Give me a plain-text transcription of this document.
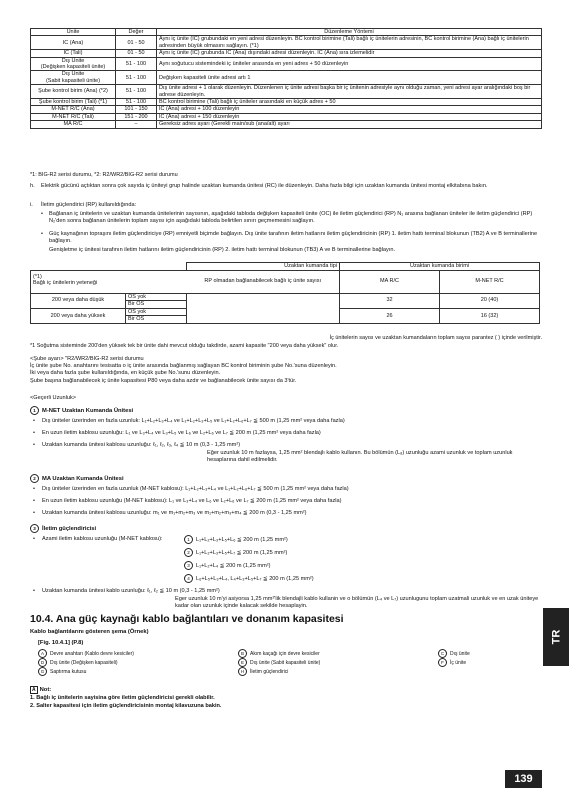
Ünite	Değer	Düzenleme Yöntemi
IC (Ana)	01 - 50	Aynı iç ünite (IC) grubundaki en yeni adresi düzenleyin. BC kontrol birimine (Tali) bağlı iç ünitelerin adresinin, BC kontrol birimine (Ana) bağlı iç ünitelerin adresinden büyük olmasını sağlayın. (*1)
IC (Tali)	01 - 50	Aynı iç ünite (IC) grubunda IC (Ana) dışındaki adresi düzenleyin. IC (Ana) sıra izlemelidir
Dış Ünite
(Değişken kapasiteli ünite)	51 - 100	Aynı soğutucu sistemindeki iç üniteler arasında en yeni adres + 50 düzenleyin
Dış Ünite
(Sabit kapasiteli ünite)	51 - 100	Değişken kapasiteli ünite adresi artı 1
Şube kontrol birim (Ana) (*2)	51 - 100	Dış ünite adresi + 1 olarak düzenleyin. Düzenlenen iç ünite adresi başka bir iç ünitenin adresiyle aynı olduğu zaman, yeni adresi ayar aralığındaki boş bir adrese düzenleyin.
Şube kontrol birim (Tali) (*1)	51 - 100	BC kontrol birimine (Tali) bağlı iç üniteler arasındaki en küçük adres + 50
M-NET R/C (Ana)	101 - 150	IC (Ana) adresi + 100 düzenleyin
M-NET R/C (Tali)	151 - 200	IC (Ana) adresi + 150 düzenleyin
MA R/C	–	Gereksiz adres ayarı (Gerekli main/sub (ana/alt) ayarı
*1: BIG-R2 serisi durumu, *2: R2/WR2/BIG-R2 serisi durumu
h.	Elektrik gücünü açtıktan sonra çok sayıda iç üniteyi grup halinde uzaktan kumanda ünitesi (RC) ile düzenleyin. Daha fazla bilgi için uzaktan kumanda ünitesi montaj elkitabına bakın.
i.	İletim güçlendirici (RP) kullanıldığında:
•	Bağlanan iç ünitelerin ve uzaktan kumanda ünitelerinin sayısının, aşağıdaki tabloda değişken kapasiteli ünite (OC) ile iletim güçlendirici (RP) N₁ arasına bağlanan üniteler ile iletim güçlendirici (RP) N₂'den sonra bağlanan ünitelerin toplam sayısı için aşağıdaki tabloda belirtilen sınırı geçmemesini sağlayın.
•	Güç kaynağının topraşını iletim güçlendiriciye (RP) emniyetli biçimde bağlayın. Dış ünite tarafının iletim hatlarını iletim güçlendiricinin (RP) 1. iletim hattı terminal blokunun (TB2) A ve B terminallerine bağlayın.
Genişletme iç ünitesi tarafının iletim hatlarını iletim güçlendiricinin (RP) 2. iletim hattı terminal blokunun (TB3) A ve B terminallerine bağlayın.
		Uzaktan kumanda tipi	Uzaktan kumanda birimi	

(*1)
Bağlı iç ünitelerin yeteneği		RP olmadan bağlanabilecek bağlı iç ünite sayısı	MA R/C	M-NET R/C
200 veya daha düşük	OS yok		32	20 (40)
	Bir OS			
200 veya daha yüksek	OS yok		26	16 (32)
	Bir OS			
İç ünitelerin sayısı ve uzaktan kumandaların toplam sayısı parantez ( ) içinde verilmiştir.
*1 Soğutma sisteminde 200'den yüksek tek bir ünite dahi mevcut olduğu takdirde, azami kapasite "200 veya daha yüksek" olur.
<Şube ayarı> "R2/WR2/BIG-R2 serisi durumu
İç ünite şube No. anahtarını tesisatta o iç ünite arasında bağlanmış sağlayan BC kontrol biriminin şube No.'suna düzenleyin.
İki veya daha fazla şube kullanıldığında, en küçük şube No.'sunu düzenleyin.
Şube başına bağlanabilecek iç ünite kapasitesi P80 veya daha azdır ve bağlanabilecek ünite sayısı da 3'tür.
<Geçerli Uzunluk>
1 M-NET Uzaktan Kumanda Ünitesi
•	Dış üniteler üzerinden en fazla uzunluk: L₁+L₂+L₃+L₄ ve L₁+L₂+L₃+L₅ ve L₁+L₂+L₆+L₇ ≦ 500 m (1,25 mm² veya daha fazla)
•	En uzun iletim kablosu uzunluğu: L₁ ve L₃+L₄ ve L₃+L₅ ve L₆ ve L₂+L₆ ve L₇ ≦ 200 m (1,25 mm² veya daha fazla)
•	Uzaktan kumanda ünitesi kablosu uzunluğu: ℓ₁, ℓ₂, ℓ₃, ℓ₄ ≦ 10 m (0,3 - 1,25 mm²)
Eğer uzunluk 10 m fazlaysa, 1,25 mm² blendajlı kablo kullanın. Bu bölümün (L₈) uzunluğu azami uzunluk ve toplam uzunluk hesaplarına dahil edilmelidir.
2 MA Uzaktan Kumanda Ünitesi
•	Dış üniteler üzerinden en fazla uzunluk (M-NET kablosu): L₁+L₂+L₃+L₄ ve L₁+L₂+L₆+L₇ ≦ 500 m (1,25 mm² veya daha fazla)
•	En uzun iletim kablosu uzunluğu (M-NET kablosu): L₁ ve L₃+L₄ ve L₆ ve L₂+L₆ ve L₇ ≦ 200 m (1,25 mm² veya daha fazla)
•	Uzaktan kumanda ünitesi kablosu uzunluğu: m₁ ve m₁+m₂+m₃ ve m₁+m₂+m₃+m₄ ≦ 200 m (0,3 - 1,25 mm²)
3 İletim güçlendiricisi
•	Azami iletim kablosu uzunluğu (M-NET kablosu):	1 L₁+L₂+L₃+L₅+L₆ ≦ 200 m (1,25 mm²)
2 L₁+L₂+L₃+L₅+L₇ ≦ 200 m (1,25 mm²)
3 L₁+L₂+L₄ ≦ 200 m (1,25 mm²)
4 L₆+L₅+L₃+L₄, L₄+L₃+L₅+L₇ ≦ 200 m (1,25 mm²)
•	Uzaktan kumanda ünitesi kablo uzunluğu: ℓ₁, ℓ₂ ≦ 10 m (0,3 - 1,25 mm²)
Eger uzunluk 10 m'yi asiyorsa 1,25 mm²'lik blendajli kablo kullanin ve o bölümün (L₄ ve L₇) uzunlugunu toplam uzatmali uzunluk ve en uzak üniteye kadar olan uzunluk içinde kalacak sekilde hesaplayin.
10.4. Ana güç kaynağı kablo bağlantıları ve donanım kapasitesi
Kablo bağlantılarını gösteren şema (Örnek)
[Fig. 10.4.1] (P.8)
A Devre anahtarı (Kablo devre kesiciler)	B Akım kaçağı için devre kesiciler	C Dış ünite
D Dış ünite (Değişken kapasiteli)	E Dış ünite (Sabit kapasiteli ünite)	F İç ünite
G Saptırma kutusu	H İletim güçlendirici
A Not:
1. Bağlı iç ünitelerin sayisina göre iletim güçlendiricisi gerekli olabilir.
2. Salter kapasitesi için iletim güçlendiricisinin montaj kilavuzuna bakin.
TR
139
